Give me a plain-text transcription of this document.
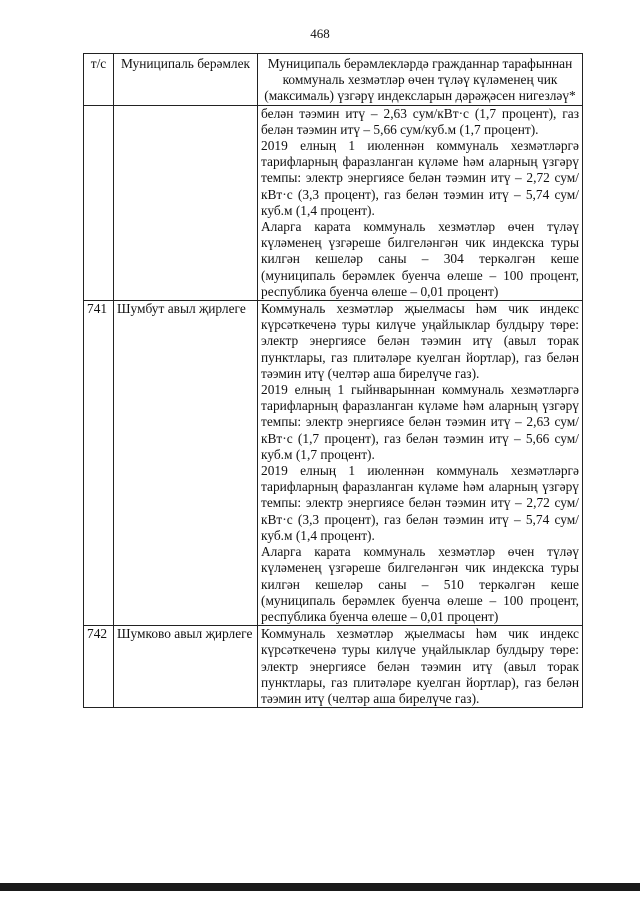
468
т/с	Муниципаль берәмлек	Муниципаль берәмлекләрдә гражданнар тарафыннан коммуналь хезмәтләр өчен түләү күләменең чик (максималь) үзгәрү индексларын дәрәҗәсен нигезләү*

		белән тәэмин итү – 2,63 сум/кВт·с (1,7 процент), газ белән тәэмин итү – 5,66 сум/куб.м (1,7 процент).

2019 елның 1 июленнән коммуналь хезмәтләргә тарифларның фаразланган күләме һәм аларның үзгәрү темпы: электр энергиясе белән тәэмин итү – 2,72 сум/кВт·с (3,3 процент), газ белән тәэмин итү – 5,74 сум/куб.м (1,4 процент).

Аларга карата коммуналь хезмәтләр өчен түләү күләменең үзгәреше билгеләнгән чик индекска туры килгән кешеләр саны – 304 теркәлгән кеше (муниципаль берәмлек буенча өлеше – 100 процент, республика буенча өлеше – 0,01 процент)

741	Шумбут авыл җирлеге	Коммуналь хезмәтләр җыелмасы һәм чик индекс күрсәткеченә туры килүче уңайлыклар булдыру төре: электр энергиясе белән тәэмин итү (авыл торак пунктлары, газ плитәләре куелган йортлар), газ белән тәэмин итү (челтәр аша бирелүче газ).

2019 елның 1 гыйнварыннан коммуналь хезмәтләргә тарифларның фаразланган күләме һәм аларның үзгәрү темпы: электр энергиясе белән тәэмин итү – 2,63 сум/кВт·с (1,7 процент), газ белән тәэмин итү – 5,66 сум/куб.м (1,7 процент).

2019 елның 1 июленнән коммуналь хезмәтләргә тарифларның фаразланган күләме һәм аларның үзгәрү темпы: электр энергиясе белән тәэмин итү – 2,72 сум/кВт·с (3,3 процент), газ белән тәэмин итү – 5,74 сум/куб.м (1,4 процент).

Аларга карата коммуналь хезмәтләр өчен түләү күләменең үзгәреше билгеләнгән чик индекска туры килгән кешеләр саны – 510 теркәлгән кеше (муниципаль берәмлек буенча өлеше – 100 процент, республика буенча өлеше – 0,01 процент)

742	Шумково авыл җирлеге	Коммуналь хезмәтләр җыелмасы һәм чик индекс күрсәткеченә туры килүче уңайлыклар булдыру төре: электр энергиясе белән тәэмин итү (авыл торак пунктлары, газ плитәләре куелган йортлар), газ белән тәэмин итү (челтәр аша бирелүче газ).
